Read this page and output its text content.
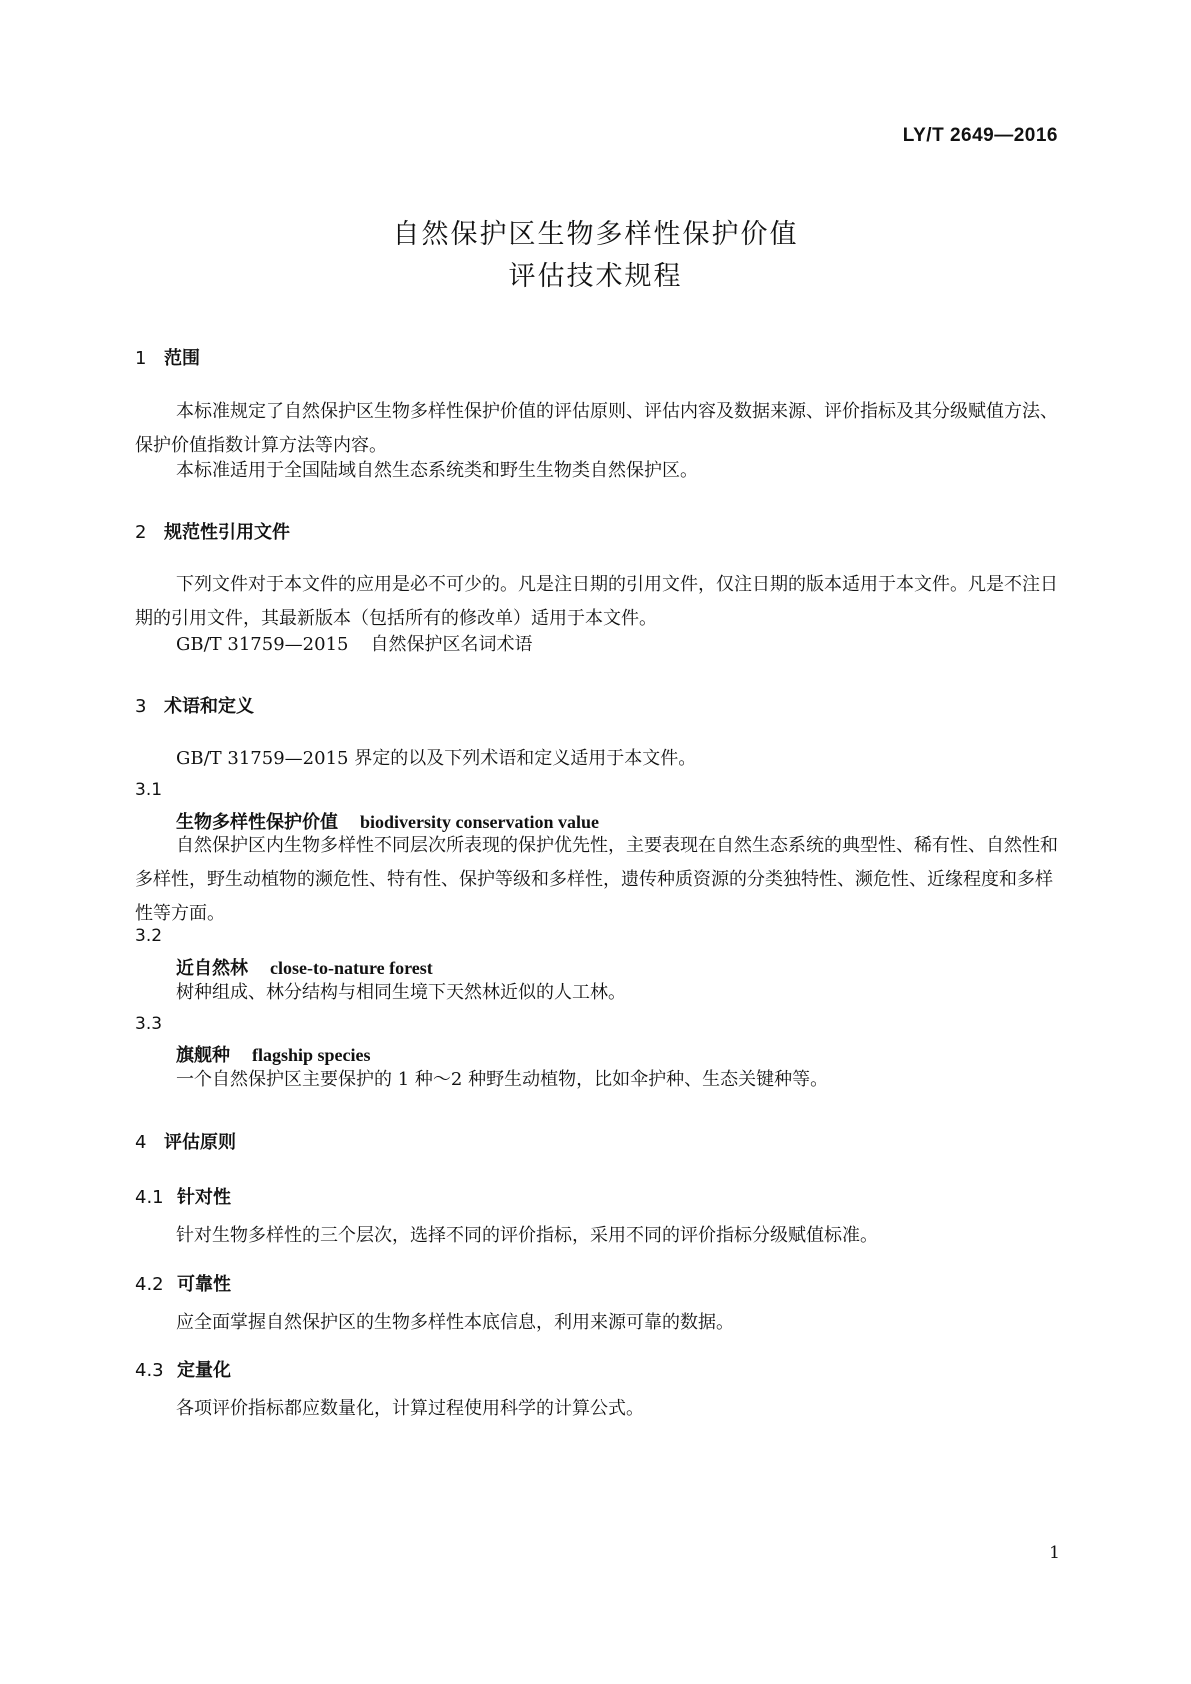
LY/T 2649—2016
自然保护区生物多样性保护价值
评估技术规程
1 范围
本标准规定了自然保护区生物多样性保护价值的评估原则、评估内容及数据来源、评价指标及其分级赋值方法、保护价值指数计算方法等内容。
本标准适用于全国陆域自然生态系统类和野生生物类自然保护区。
2 规范性引用文件
下列文件对于本文件的应用是必不可少的。凡是注日期的引用文件，仅注日期的版本适用于本文件。凡是不注日期的引用文件，其最新版本（包括所有的修改单）适用于本文件。
GB/T 31759—2015 自然保护区名词术语
3 术语和定义
GB/T 31759—2015 界定的以及下列术语和定义适用于本文件。
3.1
生物多样性保护价值 biodiversity conservation value
自然保护区内生物多样性不同层次所表现的保护优先性，主要表现在自然生态系统的典型性、稀有性、自然性和多样性，野生动植物的濒危性、特有性、保护等级和多样性，遗传种质资源的分类独特性、濒危性、近缘程度和多样性等方面。
3.2
近自然林 close-to-nature forest
树种组成、林分结构与相同生境下天然林近似的人工林。
3.3
旗舰种 flagship species
一个自然保护区主要保护的 1 种～2 种野生动植物，比如伞护种、生态关键种等。
4 评估原则
4.1 针对性
针对生物多样性的三个层次，选择不同的评价指标，采用不同的评价指标分级赋值标准。
4.2 可靠性
应全面掌握自然保护区的生物多样性本底信息，利用来源可靠的数据。
4.3 定量化
各项评价指标都应数量化，计算过程使用科学的计算公式。
1
